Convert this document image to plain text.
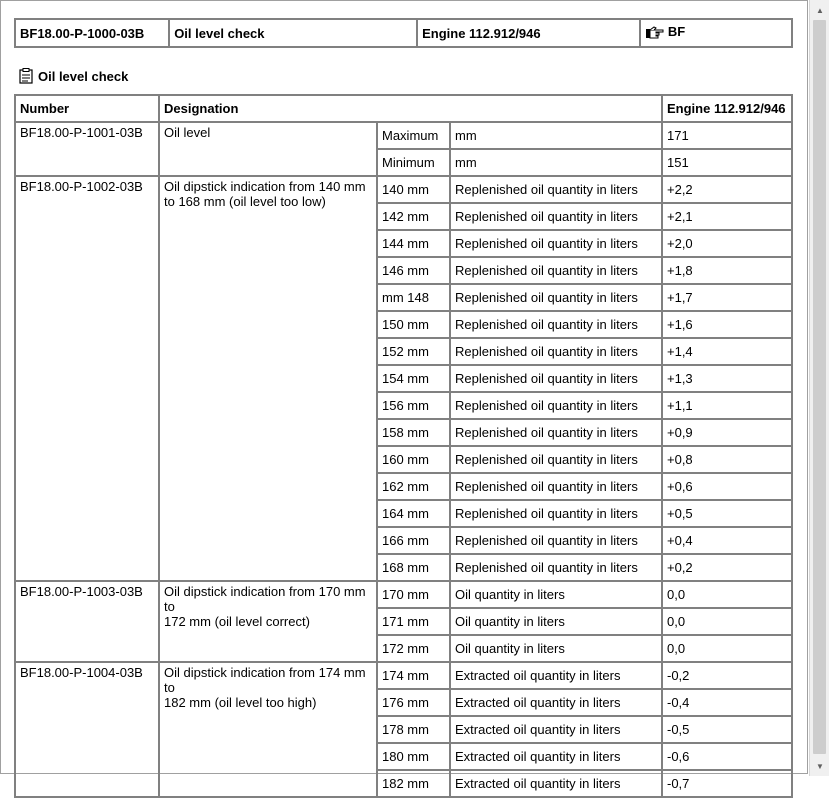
▲
▼
BF18.00-P-1000-03B	Oil level check	Engine 112.912/946	BF
Oil level check
Number	Designation			Engine 112.912/946
BF18.00-P-1001-03B	Oil level	Maximum	mm	171
		Minimum	mm	151
BF18.00-P-1002-03B	Oil dipstick indication from 140 mm to 168 mm (oil level too low)	140 mm	Replenished oil quantity in liters	+2,2
		142 mm	Replenished oil quantity in liters	+2,1
		144 mm	Replenished oil quantity in liters	+2,0
		146 mm	Replenished oil quantity in liters	+1,8
		mm 148	Replenished oil quantity in liters	+1,7
		150 mm	Replenished oil quantity in liters	+1,6
		152 mm	Replenished oil quantity in liters	+1,4
		154 mm	Replenished oil quantity in liters	+1,3
		156 mm	Replenished oil quantity in liters	+1,1
		158 mm	Replenished oil quantity in liters	+0,9
		160 mm	Replenished oil quantity in liters	+0,8
		162 mm	Replenished oil quantity in liters	+0,6
		164 mm	Replenished oil quantity in liters	+0,5
		166 mm	Replenished oil quantity in liters	+0,4
		168 mm	Replenished oil quantity in liters	+0,2
BF18.00-P-1003-03B	Oil dipstick indication from 170 mm
to
172 mm (oil level correct)	170 mm	Oil quantity in liters	0,0
		171 mm	Oil quantity in liters	0,0
		172 mm	Oil quantity in liters	0,0
BF18.00-P-1004-03B	Oil dipstick indication from 174 mm
to
182 mm (oil level too high)	174 mm	Extracted oil quantity in liters	-0,2
		176 mm	Extracted oil quantity in liters	-0,4
		178 mm	Extracted oil quantity in liters	-0,5
		180 mm	Extracted oil quantity in liters	-0,6
		182 mm	Extracted oil quantity in liters	-0,7
